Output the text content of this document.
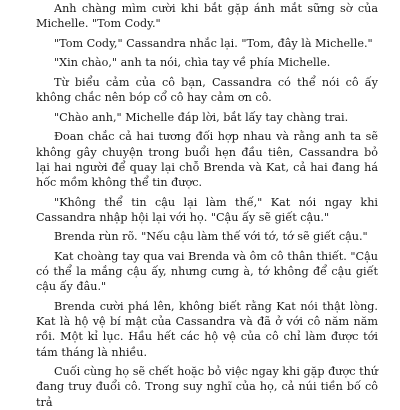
Anh chàng mìm cười khi bắt gặp ánh mắt sững sờ của Michelle. "Tom Cody."

"Tom Cody," Cassandra nhắc lại. "Tom, đây là Michelle."

"Xin chào," anh ta nói, chìa tay về phía Michelle.

Từ biểu cảm của cô bạn, Cassandra có thể nói cô ấy không chắc nên bóp cổ cô hay cảm ơn cô.

"Chào anh," Michelle đáp lời, bắt lấy tay chàng trai.

Đoan chắc cả hai tương đối hợp nhau và rằng anh ta sẽ không gây chuyện trong buổi hẹn đầu tiên, Cassandra bỏ lại hai người để quay lại chỗ Brenda và Kat, cả hai đang há hốc mồm không thể tin được.

"Không thể tin cậu lại làm thế," Kat nói ngay khi Cassandra nhập hội lại với họ. "Cậu ấy sẽ giết cậu."

Brenda rùn rõ. "Nếu cậu làm thế với tớ, tớ sẽ giết cậu."

Kat choàng tay qua vai Brenda và ôm cô thân thiết. "Cậu có thể la mắng cậu ấy, nhưng cưng à, tớ không để cậu giết cậu ấy đâu."

Brenda cười phá lên, không biết rằng Kat nói thật lòng. Kat là hộ vệ bí mật của Cassandra và đã ở với cô năm năm rồi. Một kỉ lục. Hầu hết các hộ vệ của cô chỉ làm được tới tám tháng là nhiều.

Cuối cùng họ sẽ chết hoặc bỏ việc ngay khi gặp được thứ đang truy đuổi cô. Trong suy nghĩ của họ, cả núi tiền bố cô trả
